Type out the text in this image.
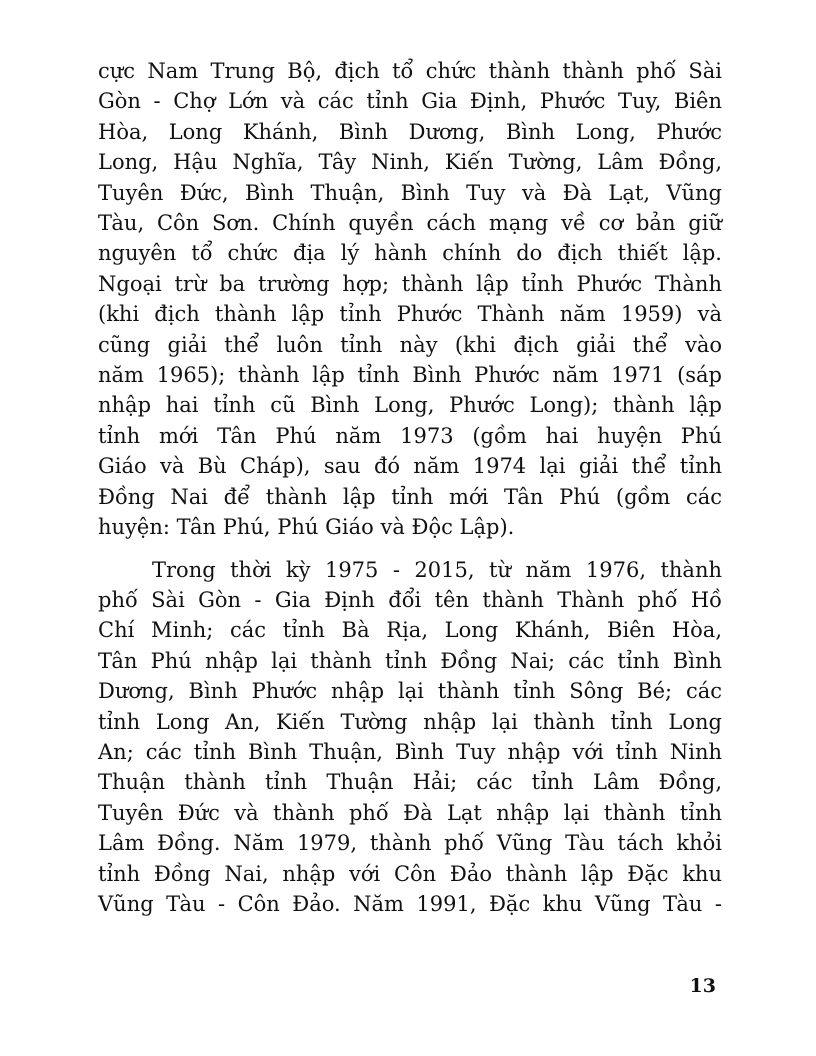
cực Nam Trung Bộ, địch tổ chức thành thành phố Sài
Gòn - Chợ Lớn và các tỉnh Gia Định, Phước Tuy, Biên
Hòa, Long Khánh, Bình Dương, Bình Long, Phước
Long, Hậu Nghĩa, Tây Ninh, Kiến Tường, Lâm Đồng,
Tuyên Đức, Bình Thuận, Bình Tuy và Đà Lạt, Vũng
Tàu, Côn Sơn. Chính quyền cách mạng về cơ bản giữ
nguyên tổ chức địa lý hành chính do địch thiết lập.
Ngoại trừ ba trường hợp; thành lập tỉnh Phước Thành
(khi địch thành lập tỉnh Phước Thành năm 1959) và
cũng giải thể luôn tỉnh này (khi địch giải thể vào
năm 1965); thành lập tỉnh Bình Phước năm 1971 (sáp
nhập hai tỉnh cũ Bình Long, Phước Long); thành lập
tỉnh mới Tân Phú năm 1973 (gồm hai huyện Phú
Giáo và Bù Cháp), sau đó năm 1974 lại giải thể tỉnh
Đồng Nai để thành lập tỉnh mới Tân Phú (gồm các
huyện: Tân Phú, Phú Giáo và Độc Lập).
Trong thời kỳ 1975 - 2015, từ năm 1976, thành
phố Sài Gòn - Gia Định đổi tên thành Thành phố Hồ
Chí Minh; các tỉnh Bà Rịa, Long Khánh, Biên Hòa,
Tân Phú nhập lại thành tỉnh Đồng Nai; các tỉnh Bình
Dương, Bình Phước nhập lại thành tỉnh Sông Bé; các
tỉnh Long An, Kiến Tường nhập lại thành tỉnh Long
An; các tỉnh Bình Thuận, Bình Tuy nhập với tỉnh Ninh
Thuận thành tỉnh Thuận Hải; các tỉnh Lâm Đồng,
Tuyên Đức và thành phố Đà Lạt nhập lại thành tỉnh
Lâm Đồng. Năm 1979, thành phố Vũng Tàu tách khỏi
tỉnh Đồng Nai, nhập với Côn Đảo thành lập Đặc khu
Vũng Tàu - Côn Đảo. Năm 1991, Đặc khu Vũng Tàu -
13
